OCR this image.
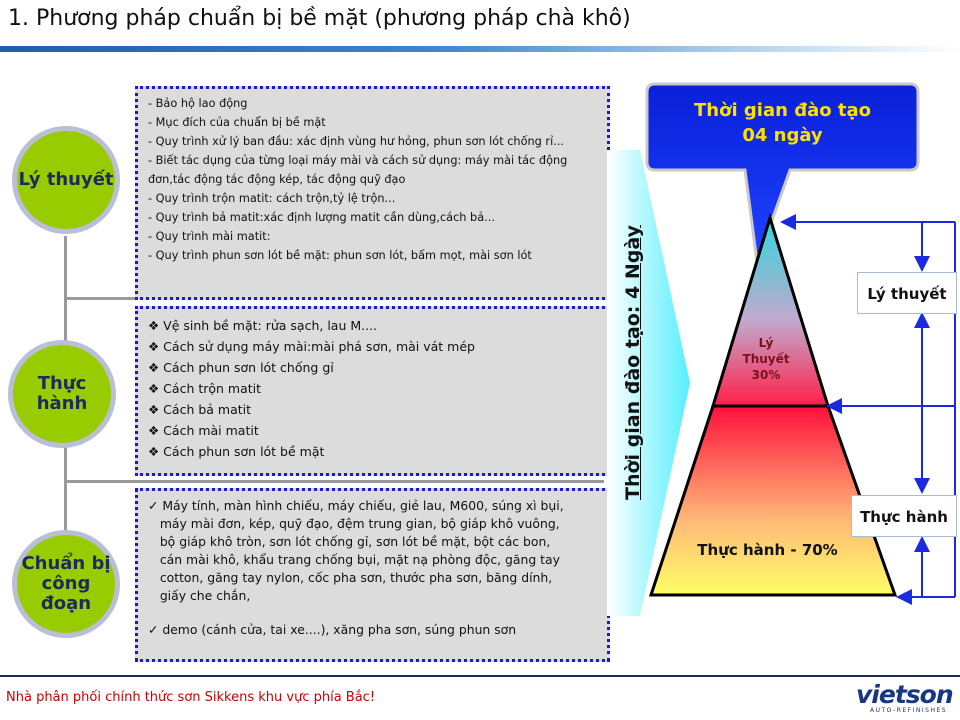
1. Phương pháp chuẩn bị bề mặt (phương pháp chà khô)
Lý thuyết
Thực hành
Chuẩn bị
công đoạn
- Bảo hộ lao động
- Mục đích của chuẩn bị bề mặt
- Quy trình xử lý ban đầu: xác định vùng hư hỏng, phun sơn lót chống rỉ...
- Biết tác dụng của từng loại máy mài và cách sử dụng: máy mài tác động
đơn,tác động tác động kép, tác động quỹ đạo
- Quy trình trộn matit: cách trộn,tỷ lệ trộn...
- Quy trình bả matit:xác định lượng matit cần dùng,cách bả...
- Quy trình mài matit:
- Quy trình phun sơn lót bề mặt: phun sơn lót, bấm mọt, mài sơn lót
❖ Vệ sinh bề mặt: rửa sạch, lau M....
❖ Cách sử dụng máy mài:mài phá sơn, mài vát mép
❖ Cách phun sơn lót chống gỉ
❖ Cách trộn matit
❖ Cách bả matit
❖ Cách mài matit
❖ Cách phun sơn lót bề mặt
✓ Máy tính, màn hình chiếu, máy chiếu, giẻ lau, M600, súng xì bụi,
máy mài đơn, kép, quỹ đạo, đệm trung gian, bộ giáp khô vuông,
bộ giáp khô tròn, sơn lót chống gỉ, sơn lót bề mặt, bột các bon,
cán mài khô, khẩu trang chống bụi, mặt nạ phòng độc, găng tay
cotton, găng tay nylon, cốc pha sơn, thước pha sơn, băng dính,
giấy che chắn,
✓ demo (cánh cửa, tai xe....), xăng pha sơn, súng phun sơn
Thời gian đào tạo: 4 Ngày
Thời gian đào tạo
04 ngày
Lý
Thuyết
30%
Thực hành - 70%
Lý thuyết
Thực hành
Nhà phân phối chính thức sơn Sikkens khu vực phía Bắc!	vietson
AUTO-REFINISHES
